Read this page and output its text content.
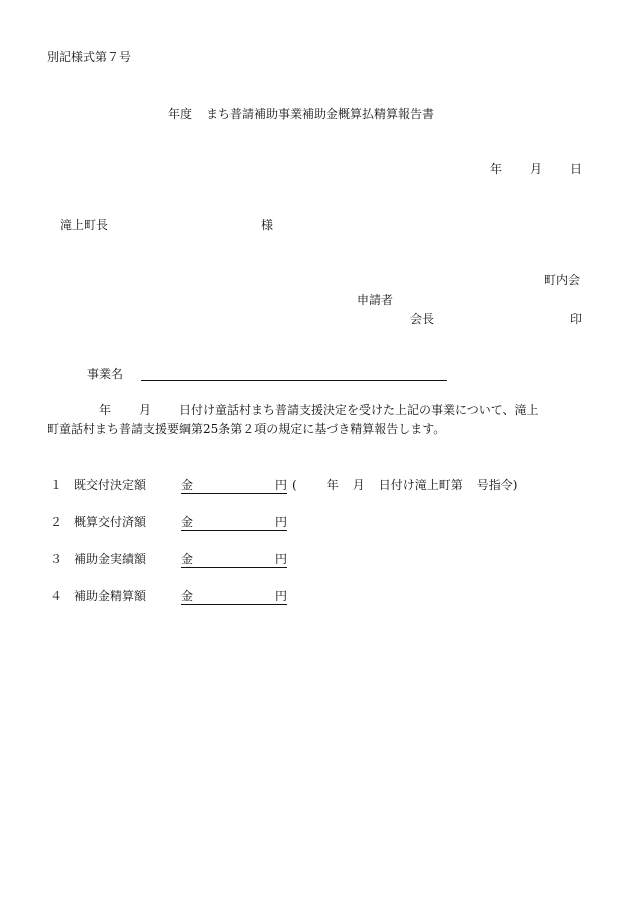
別記様式第７号
年度 まち普請補助事業補助金概算払精算報告書
年 月 日
滝上町長	様
町内会
申請者
会長	印
事業名
年 月 日付け童話村まち普請支援決定を受けた上記の事業について、滝上
町童話村まち普請支援要綱第25条第２項の規定に基づき精算報告します。
１ 既交付決定額	金	円 (	年 月 日付け滝上町第 号指令)
２ 概算交付済額	金	円
３ 補助金実績額	金	円
４ 補助金精算額	金	円
